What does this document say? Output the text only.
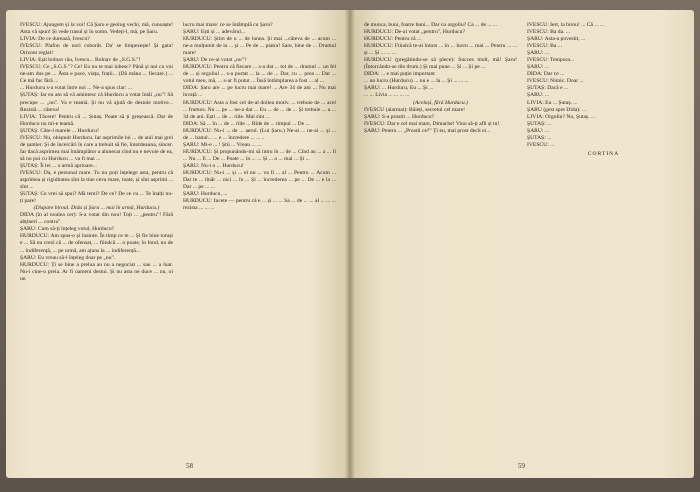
IVESCU: Ajungem și la voi! Că Șaru e geolog vechi, mă, cunoaște! Asta vă spun! Și vede trasul și în somn. Vedeți-l, mă, pe Șaru.

LIVIA: De ce durează, Ivescu?

IVESCU: Plafon de nori coborât. Da' se limpezește! Și gata! Orizont reglat!

LIVIA: Ești bolnav rău, Ivescu... Bolnav de „S.G.S."!

IVESCU: Ce „S.G.S."? Ce! Eu nu te mai iubesc? Până și noi cu voi ne-am dus pe ... Ăsta e pace, viața, frații... (Dă mâna ... fiecare.) ... Ce mă fac fără ...

... Hurducu s-a votat între noi ... Ne-a spus clar: ...

ȘUTAȘ: Iar eu am să vă amintesc că Hurducu a votat întâi „nu"! Să precupe ... „nu". Va e teamă. Și nu vă ajută de destule motive... Rezistă ... câteva!

LIVIA: Tăcere! Pentru că ... Șutaș. Poate să ți greșească. Dar de Hurducu nu mi-e teamă.

ȘUTAȘ: Câte-l marele ... Hurducu!

IVESCU: Nu, obișnuit Hurducu. Iar asprimile lui ... de anii mai grei de șantier. Și de încercări în care a trebuit să fie, întotdeauna, sincer. Iar dacă asprimea mai întâmplător a alunecat cînd nu e nevoie de ea, să nu pui cu Hurducu ... va fi mai ...

ȘUTAȘ: Îi lei ... o armă aprioare...

IVESCU: Da, e personal mare. Tu nu poți înțelege asta, pentru că asprimea și rigiditatea sînt la tine ceva mare, toate, și sînt asprimi ... sînt ...

ȘUTAȘ: Ce vrei să spui? Mă temi? De ce? De ce cu ... Te înalți nu-ți pare!

(Dispare biroul. Dida și Șaru ... mai în urmă, Hurducu.)

DIDA (în al noulea cer): S-a votat din nou! Toți ... „pentru"! Fără abțineri ... contra".

ȘARU: Cum să-ți înțeleg votul, Hurducu?

HURDUCU: Am spus-o și înainte. În timp ce te ... Și fie bine totuși e ... Să nu crezi că ... de ofensat, ... fiindcă ... o poate, în fond, nu de ... indiferență, ... pe urmă, am ajuns la ... indiferență...

ȘARU: Eu vreau să-l înțeleg doar pe „nu".

HURDUCU: Ți se bine a prelua au nu a negociat ... sau ... a luat. Nu-i cine-o preia. Ar fi oameni destui. Și nu asta ne duce ... nu, oi un

lucru mai mare: ce se întâmplă cu Șaru?

ȘARU: Ești și ... adevărul...

HURDUCU: Știm de o ... de lunea. Și mai ...câteva de ... acum ... ne-a mulțumit de la ... și ... Pe de ... piatra! Sare, bine de ... Drumul mare!

ȘARU: De ce-ai votat „nu"?

HURDUCU: Pentru că fiecare ... s-a dat ... tot de ... dramul ... un fel de ... și orgoliul ... s-a purtat ... la ... de ... Dar, cu ... prea ... Dar ... votul meu, mă, ... s-ar fi putut ... Însă întâmplarea a fost ... al ...

DIDA: Șaru are ... pe lucru mai mare! ... Are 34 de ani ... Nu mai învață ...

HURDUCU: Asta a fost cel de-al doilea motiv. ... trebuie de ... acel ... frumos. Nu ... pe ... ne-a dat ... Eu ... de ... de ... Și trebuie ... a ... 34 de ani. Ești ... de ... rîde. Mai sînt ...

DIDA: Să ... în ... de ... rîde ... Rîde de ... timpul ... De ...

HURDUCU: Nu-i ... de ... aerul. (Lui Șaru.) Ne-ai ... ne-ai ... și ... de ... banul... ... e ... încredere ... ... ..

ȘARU: Mi-e ... ! Știi ... Vreau ... ...

HURDUCU: Și propunându-mi să intru în ... de ... Cînd au ... a ... fi ... Nu ... fi ... De ... Poate ... în ... ... Și ... o ... mai ... Și ...

ȘARU: Nu-i o ... Hurducu!

HURDUCU: Nu-i ... și ... el nu ... va fi ... al ... Pentru ... Acum ... Dar te ... tînăr ... nici ... în ... Și ... încrederea ... pe ... De ... e la ... Dar ... pe ... ...

ȘARU: Hurducu, ...

HURDUCU: Incete — pentru că e ... și ... ... Sa ... de ... ... al ... ... ... rezista ... ... ...

58

de munca, buni, foarte buni... Dar cu orgoliu? Ca ... de ... ...

HURDUCU: De-ai votat „pentru", Hurducu?

HURDUCU: Pentru că ...

HURDUCU: Fiindcă te-ai întors ... în ... lucru ... mai ... Pentru ... ... și ... Și ... ... ...

HURDUCU (pregătindu-se să plece): Succes mult, mă! Șaru! (Întorcându-se din drum.) Și mai pune ... Și ... Și pe ...

DIDA: ... e mai puțin important

... un lucru (Hurducu) ... nu e ... la ... Și ... ... ...

ȘARU: ... Hurducu, Eu ... Și ...

... ... Livia ... ... ... ...

(Același, fără Hurducu.)

IVESCU (alarmat): Băieți, secretul cel mare!

ȘARU: S-a prostit ... Hurducu?

IVESCU: Dar e cel mai mare, Dimache! Vino să-ți afli și tu!

ȘARU: Pentru ... „Prostii ce?" Ți eu, mai prost decît ei...

IVESCU: Iert, la birou! ... Că ... ...

IVESCU: Ba da. ...

ȘARU: Asta-a povestit, ...

IVESCU: Ba ...

ȘARU: ...

IVESCU: Tempora...

ȘARU: ...

DIDA: Dar ce ...

IVESCU: Nimic. Doar ...

ȘUTAȘ: Dacă e ...

ȘARU: ...

LIVIA: Eu ... Șutaș. ...

ȘARU (gest spre Dida): ...

LIVIA: Orgoliu? Nu, Șutaș. ...

ȘUTAȘ: ...

ȘARU: ...

ȘUTAȘ: ...

IVESCU: ...

CORTINA

59
